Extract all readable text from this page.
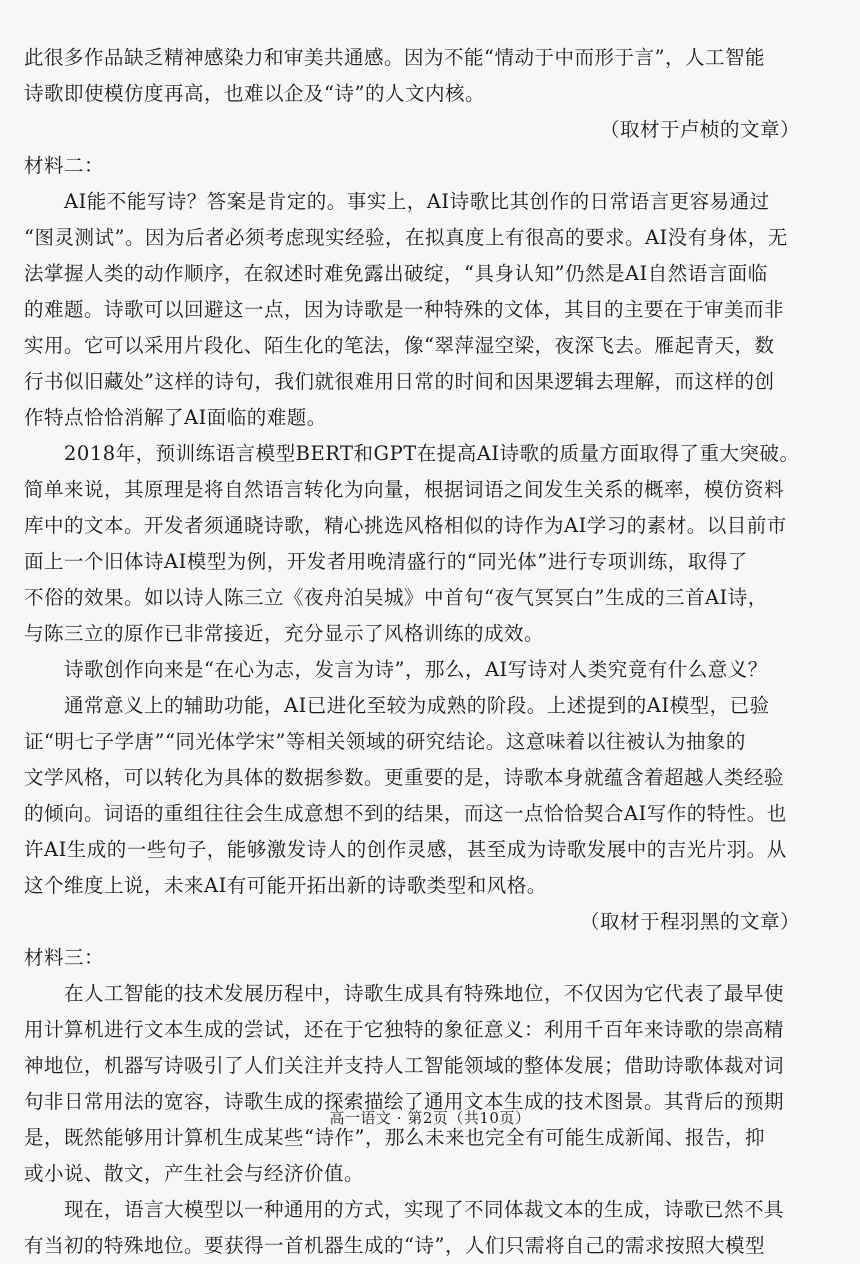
此很多作品缺乏精神感染力和审美共通感。因为不能“情动于中而形于言”，人工智能
诗歌即使模仿度再高，也难以企及“诗”的人文内核。
（取材于卢桢的文章）
材料二：
AI能不能写诗？答案是肯定的。事实上，AI诗歌比其创作的日常语言更容易通过
“图灵测试”。因为后者必须考虑现实经验，在拟真度上有很高的要求。AI没有身体，无
法掌握人类的动作顺序，在叙述时难免露出破绽，“具身认知”仍然是AI自然语言面临
的难题。诗歌可以回避这一点，因为诗歌是一种特殊的文体，其目的主要在于审美而非
实用。它可以采用片段化、陌生化的笔法，像“翠萍湿空梁，夜深飞去。雁起青天，数
行书似旧藏处”这样的诗句，我们就很难用日常的时间和因果逻辑去理解，而这样的创
作特点恰恰消解了AI面临的难题。
2018年，预训练语言模型BERT和GPT在提高AI诗歌的质量方面取得了重大突破。
简单来说，其原理是将自然语言转化为向量，根据词语之间发生关系的概率，模仿资料
库中的文本。开发者须通晓诗歌，精心挑选风格相似的诗作为AI学习的素材。以目前市
面上一个旧体诗AI模型为例，开发者用晚清盛行的“同光体”进行专项训练，取得了
不俗的效果。如以诗人陈三立《夜舟泊吴城》中首句“夜气冥冥白”生成的三首AI诗，
与陈三立的原作已非常接近，充分显示了风格训练的成效。
诗歌创作向来是“在心为志，发言为诗”，那么，AI写诗对人类究竟有什么意义？
通常意义上的辅助功能，AI已进化至较为成熟的阶段。上述提到的AI模型，已验
证“明七子学唐”“同光体学宋”等相关领域的研究结论。这意味着以往被认为抽象的
文学风格，可以转化为具体的数据参数。更重要的是，诗歌本身就蕴含着超越人类经验
的倾向。词语的重组往往会生成意想不到的结果，而这一点恰恰契合AI写作的特性。也
许AI生成的一些句子，能够激发诗人的创作灵感，甚至成为诗歌发展中的吉光片羽。从
这个维度上说，未来AI有可能开拓出新的诗歌类型和风格。
（取材于程羽黑的文章）
材料三：
在人工智能的技术发展历程中，诗歌生成具有特殊地位，不仅因为它代表了最早使
用计算机进行文本生成的尝试，还在于它独特的象征意义：利用千百年来诗歌的崇高精
神地位，机器写诗吸引了人们关注并支持人工智能领域的整体发展；借助诗歌体裁对词
句非日常用法的宽容，诗歌生成的探索描绘了通用文本生成的技术图景。其背后的预期
是，既然能够用计算机生成某些“诗作”，那么未来也完全有可能生成新闻、报告，抑
或小说、散文，产生社会与经济价值。
现在，语言大模型以一种通用的方式，实现了不同体裁文本的生成，诗歌已然不具
有当初的特殊地位。要获得一首机器生成的“诗”，人们只需将自己的需求按照大模型
高一语文 · 第2页（共10页）
